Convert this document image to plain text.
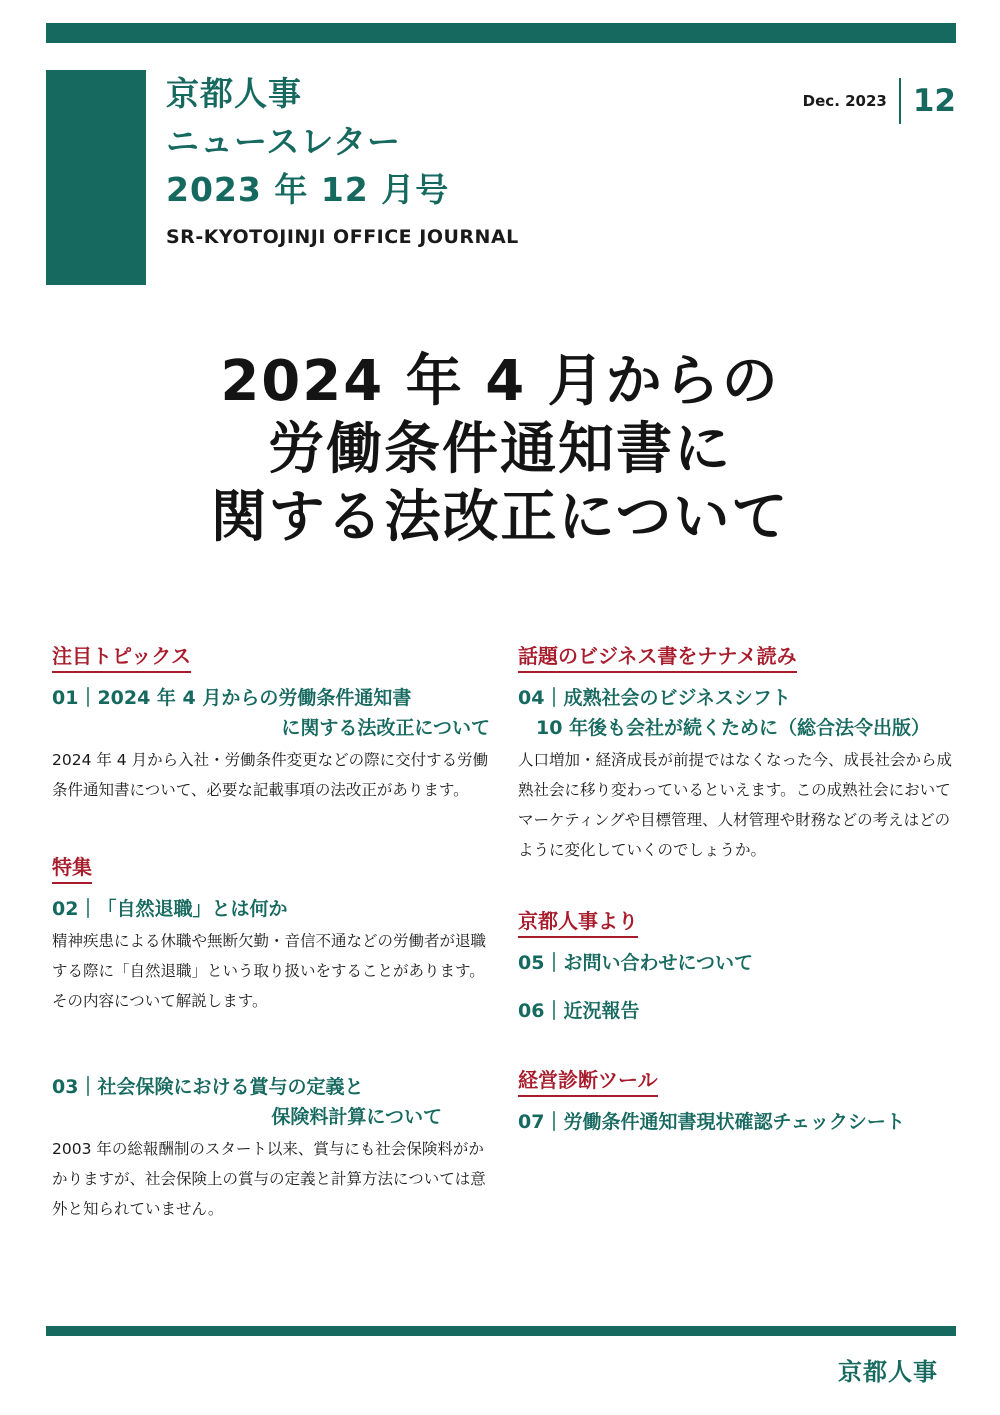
京都人事
ニュースレター
2023 年 12 月号
SR-KYOTOJINJI OFFICE JOURNAL
Dec. 2023 12
2024 年 4 月からの
労働条件通知書に
関する法改正について
注目トピックス
01｜2024 年 4 月からの労働条件通知書
に関する法改正について
2024 年 4 月から入社・労働条件変更などの際に交付する労働条件通知書について、必要な記載事項の法改正があります。
特集
02｜「自然退職」とは何か
精神疾患による休職や無断欠勤・音信不通などの労働者が退職する際に「自然退職」という取り扱いをすることがあります。その内容について解説します。
03｜社会保険における賞与の定義と
保険料計算について
2003 年の総報酬制のスタート以来、賞与にも社会保険料がかかりますが、社会保険上の賞与の定義と計算方法については意外と知られていません。
話題のビジネス書をナナメ読み
04｜成熟社会のビジネスシフト
10 年後も会社が続くために（総合法令出版）
人口増加・経済成長が前提ではなくなった今、成長社会から成熟社会に移り変わっているといえます。この成熟社会においてマーケティングや目標管理、人材管理や財務などの考えはどのように変化していくのでしょうか。
京都人事より
05｜お問い合わせについて
06｜近況報告
経営診断ツール
07｜労働条件通知書現状確認チェックシート
京都人事
